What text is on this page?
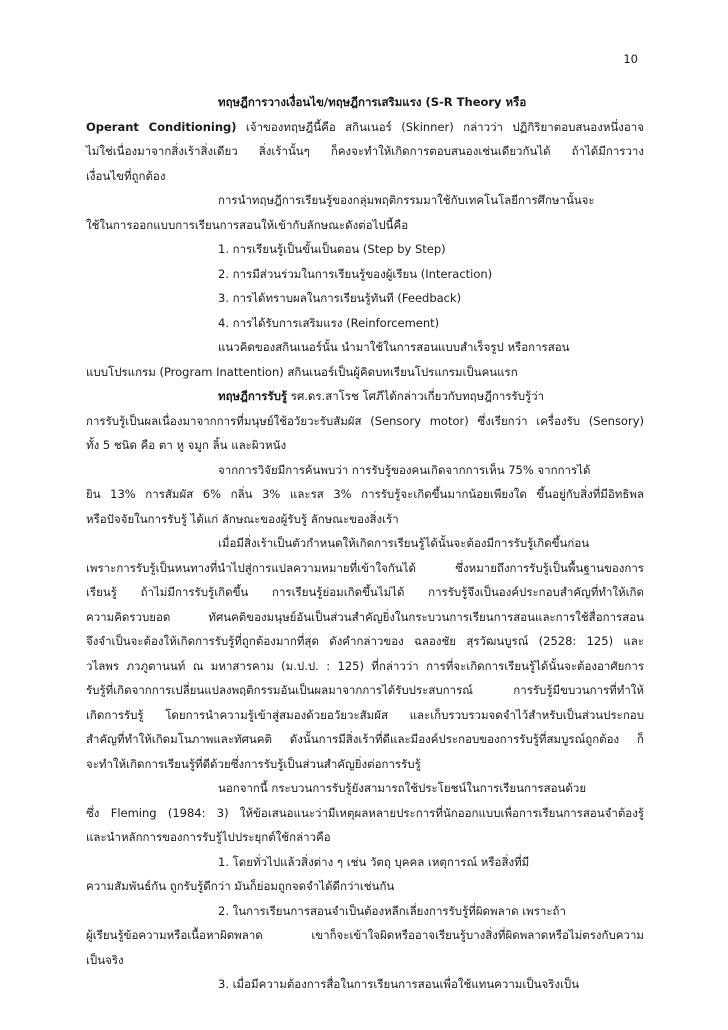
10

ทฤษฎีการวางเงื่อนไข/ทฤษฎีการเสริมแรง (S-R Theory หรือ

Operant Conditioning) เจ้าของทฤษฎีนี้คือ สกินเนอร์ (Skinner) กล่าวว่า ปฏิกิริยาตอบสนองหนึ่งอาจ

ไม่ใช่เนื่องมาจากสิ่งเร้าสิ่งเดียว สิ่งเร้านั้นๆ ก็คงจะทำให้เกิดการตอบสนองเช่นเดียวกันได้ ถ้าได้มีการวาง

เงื่อนไขที่ถูกต้อง

การนำทฤษฎีการเรียนรู้ของกลุ่มพฤติกรรมมาใช้กับเทคโนโลยีการศึกษานั้นจะ

ใช้ในการออกแบบการเรียนการสอนให้เข้ากับลักษณะดังต่อไปนี้คือ

1. การเรียนรู้เป็นขั้นเป็นตอน (Step by Step)

2. การมีส่วนร่วมในการเรียนรู้ของผู้เรียน (Interaction)

3. การได้ทราบผลในการเรียนรู้ทันที (Feedback)

4. การได้รับการเสริมแรง (Reinforcement)

แนวคิดของสกินเนอร์นั้น นำมาใช้ในการสอนแบบสำเร็จรูป หรือการสอน

แบบโปรแกรม (Program Inattention) สกินเนอร์เป็นผู้คิดบทเรียนโปรแกรมเป็นคนแรก

ทฤษฎีการรับรู้ รศ.ดร.สาโรช โศภีได้กล่าวเกี่ยวกับทฤษฎีการรับรู้ว่า

การรับรู้เป็นผลเนื่องมาจากการที่มนุษย์ใช้อวัยวะรับสัมผัส (Sensory motor) ซึ่งเรียกว่า เครื่องรับ (Sensory)

ทั้ง 5 ชนิด คือ ตา หู จมูก ลิ้น และผิวหนัง

จากการวิจัยมีการค้นพบว่า การรับรู้ของคนเกิดจากการเห็น 75% จากการได้

ยิน 13% การสัมผัส 6% กลิ่น 3% และรส 3% การรับรู้จะเกิดขึ้นมากน้อยเพียงใด ขึ้นอยู่กับสิ่งที่มีอิทธิพล

หรือปัจจัยในการรับรู้ ได้แก่ ลักษณะของผู้รับรู้ ลักษณะของสิ่งเร้า

เมื่อมีสิ่งเร้าเป็นตัวกำหนดให้เกิดการเรียนรู้ได้นั้นจะต้องมีการรับรู้เกิดขึ้นก่อน

เพราะการรับรู้เป็นหนทางที่นำไปสู่การแปลความหมายที่เข้าใจกันได้ ซึ่งหมายถึงการรับรู้เป็นพื้นฐานของการ

เรียนรู้ ถ้าไม่มีการรับรู้เกิดขึ้น การเรียนรู้ย่อมเกิดขึ้นไม่ได้ การรับรู้จึงเป็นองค์ประกอบสำคัญที่ทำให้เกิด

ความคิดรวบยอด ทัศนคติของมนุษย์อันเป็นส่วนสำคัญยิ่งในกระบวนการเรียนการสอนและการใช้สื่อการสอน

จึงจำเป็นจะต้องให้เกิดการรับรู้ที่ถูกต้องมากที่สุด ดังคำกล่าวของ ฉลองชัย สุรวัฒนบูรณ์ (2528: 125) และ

วไลพร ภวภูตานนท์ ณ มหาสารคาม (ม.ป.ป. : 125) ที่กล่าวว่า การที่จะเกิดการเรียนรู้ได้นั้นจะต้องอาศัยการ

รับรู้ที่เกิดจากการเปลี่ยนแปลงพฤติกรรมอันเป็นผลมาจากการได้รับประสบการณ์ การรับรู้มีขบวนการที่ทำให้

เกิดการรับรู้ โดยการนำความรู้เข้าสู่สมองด้วยอวัยวะสัมผัส และเก็บรวบรวมจดจำไว้สำหรับเป็นส่วนประกอบ

สำคัญที่ทำให้เกิดมโนภาพและทัศนคติ ดังนั้นการมีสิ่งเร้าที่ดีและมีองค์ประกอบของการรับรู้ที่สมบูรณ์ถูกต้อง ก็

จะทำให้เกิดการเรียนรู้ที่ดีด้วยซึ่งการรับรู้เป็นส่วนสำคัญยิ่งต่อการรับรู้

นอกจากนี้ กระบวนการรับรู้ยังสามารถใช้ประโยชน์ในการเรียนการสอนด้วย

ซึ่ง Fleming (1984: 3) ให้ข้อเสนอแนะว่ามีเหตุผลหลายประการที่นักออกแบบเพื่อการเรียนการสอนจำต้องรู้

และนำหลักการของการรับรู้ไปประยุกต์ใช้กล่าวคือ

1. โดยทั่วไปแล้วสิ่งต่าง ๆ เช่น วัตถุ บุคคล เหตุการณ์ หรือสิ่งที่มี

ความสัมพันธ์กัน ถูกรับรู้ดีกว่า มันก็ย่อมถูกจดจำได้ดีกว่าเช่นกัน

2. ในการเรียนการสอนจำเป็นต้องหลีกเลี่ยงการรับรู้ที่ผิดพลาด เพราะถ้า

ผู้เรียนรู้ข้อความหรือเนื้อหาผิดพลาด เขาก็จะเข้าใจผิดหรืออาจเรียนรู้บางสิ่งที่ผิดพลาดหรือไม่ตรงกับความ

เป็นจริง

3. เมื่อมีความต้องการสื่อในการเรียนการสอนเพื่อใช้แทนความเป็นจริงเป็น
